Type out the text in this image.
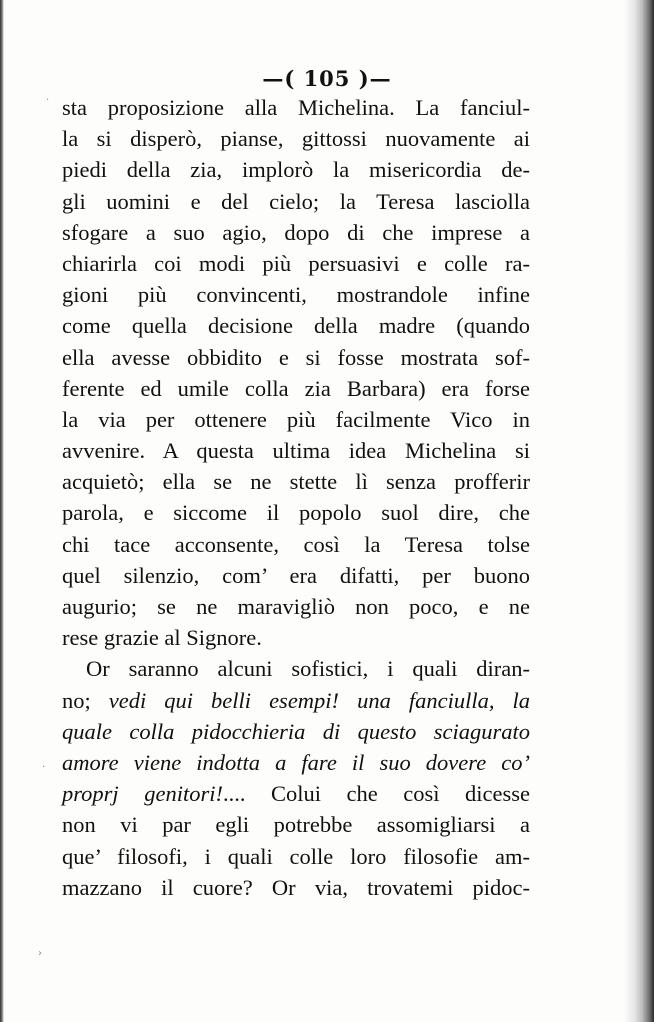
—( 105 )—
sta proposizione alla Michelina. La fanciul-
la si disperò, pianse, gittossi nuovamente ai
piedi della zia, implorò la misericordia de-
gli uomini e del cielo; la Teresa lasciolla
sfogare a suo agio, dopo di che imprese a
chiarirla coi modi più persuasivi e colle ra-
gioni più convincenti, mostrandole infine
come quella decisione della madre (quando
ella avesse obbidito e si fosse mostrata sof-
ferente ed umile colla zia Barbara) era forse
la via per ottenere più facilmente Vico in
avvenire. A questa ultima idea Michelina si
acquietò; ella se ne stette lì senza profferir
parola, e siccome il popolo suol dire, che
chi tace acconsente, così la Teresa tolse
quel silenzio, com’ era difatti, per buono
augurio; se ne maravigliò non poco, e ne
rese grazie al Signore.
Or saranno alcuni sofistici, i quali diran-
no; vedi qui belli esempi! una fanciulla, la
quale colla pidocchieria di questo sciagurato
amore viene indotta a fare il suo dovere co’
proprj genitori!.... Colui che così dicesse
non vi par egli potrebbe assomigliarsi a
que’ filosofi, i quali colle loro filosofie am-
mazzano il cuore? Or via, trovatemi pidoc-
·
·
›
